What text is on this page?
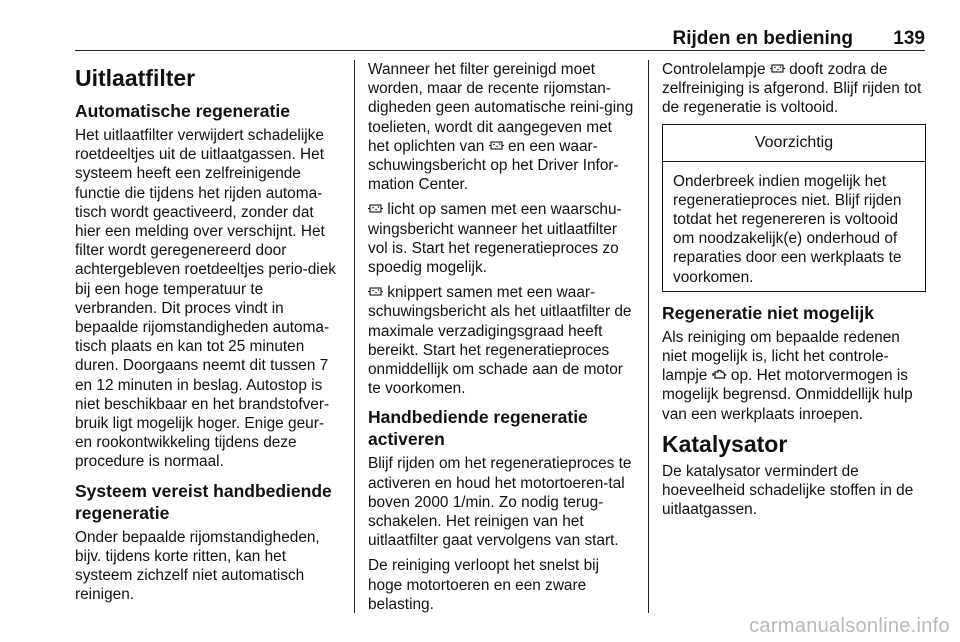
Rijden en bediening 139
Uitlaatfilter
Automatische regeneratie

Het uitlaatfilter verwijdert schadelijke roetdeeltjes uit de uitlaatgassen. Het systeem heeft een zelfreinigende functie die tijdens het rijden automa-tisch wordt geactiveerd, zonder dat hier een melding over verschijnt. Het filter wordt geregenereerd door achtergebleven roetdeeltjes perio-diek bij een hoge temperatuur te verbranden. Dit proces vindt in bepaalde rijomstandigheden automa-tisch plaats en kan tot 25 minuten duren. Doorgaans neemt dit tussen 7 en 12 minuten in beslag. Autostop is niet beschikbaar en het brandstofver-bruik ligt mogelijk hoger. Enige geur- en rookontwikkeling tijdens deze procedure is normaal.

Systeem vereist handbediende regeneratie

Onder bepaalde rijomstandigheden, bijv. tijdens korte ritten, kan het systeem zichzelf niet automatisch reinigen.

Wanneer het filter gereinigd moet worden, maar de recente rijomstan-digheden geen automatische reini-ging toelieten, wordt dit aangegeven met het oplichten van en een waar-schuwingsbericht op het Driver Infor-mation Center.

licht op samen met een waarschu-wingsbericht wanneer het uitlaatfilter vol is. Start het regeneratieproces zo spoedig mogelijk.

knippert samen met een waar-schuwingsbericht als het uitlaatfilter de maximale verzadigingsgraad heeft bereikt. Start het regeneratieproces onmiddellijk om schade aan de motor te voorkomen.

Handbediende regeneratie activeren

Blijf rijden om het regeneratieproces te activeren en houd het motortoeren-tal boven 2000 1/min. Zo nodig terug-schakelen. Het reinigen van het uitlaatfilter gaat vervolgens van start.

De reiniging verloopt het snelst bij hoge motortoeren en een zware belasting.

Controlelampje dooft zodra de zelfreiniging is afgerond. Blijf rijden tot de regeneratie is voltooid.

Voorzichtig

Onderbreek indien mogelijk het regeneratieproces niet. Blijf rijden totdat het regenereren is voltooid om noodzakelijk(e) onderhoud of reparaties door een werkplaats te voorkomen.

Regeneratie niet mogelijk

Als reiniging om bepaalde redenen niet mogelijk is, licht het controle-lampje op. Het motorvermogen is mogelijk begrensd. Onmiddellijk hulp van een werkplaats inroepen.

Katalysator

De katalysator vermindert de hoeveelheid schadelijke stoffen in de uitlaatgassen.

carmanualsonline.info
